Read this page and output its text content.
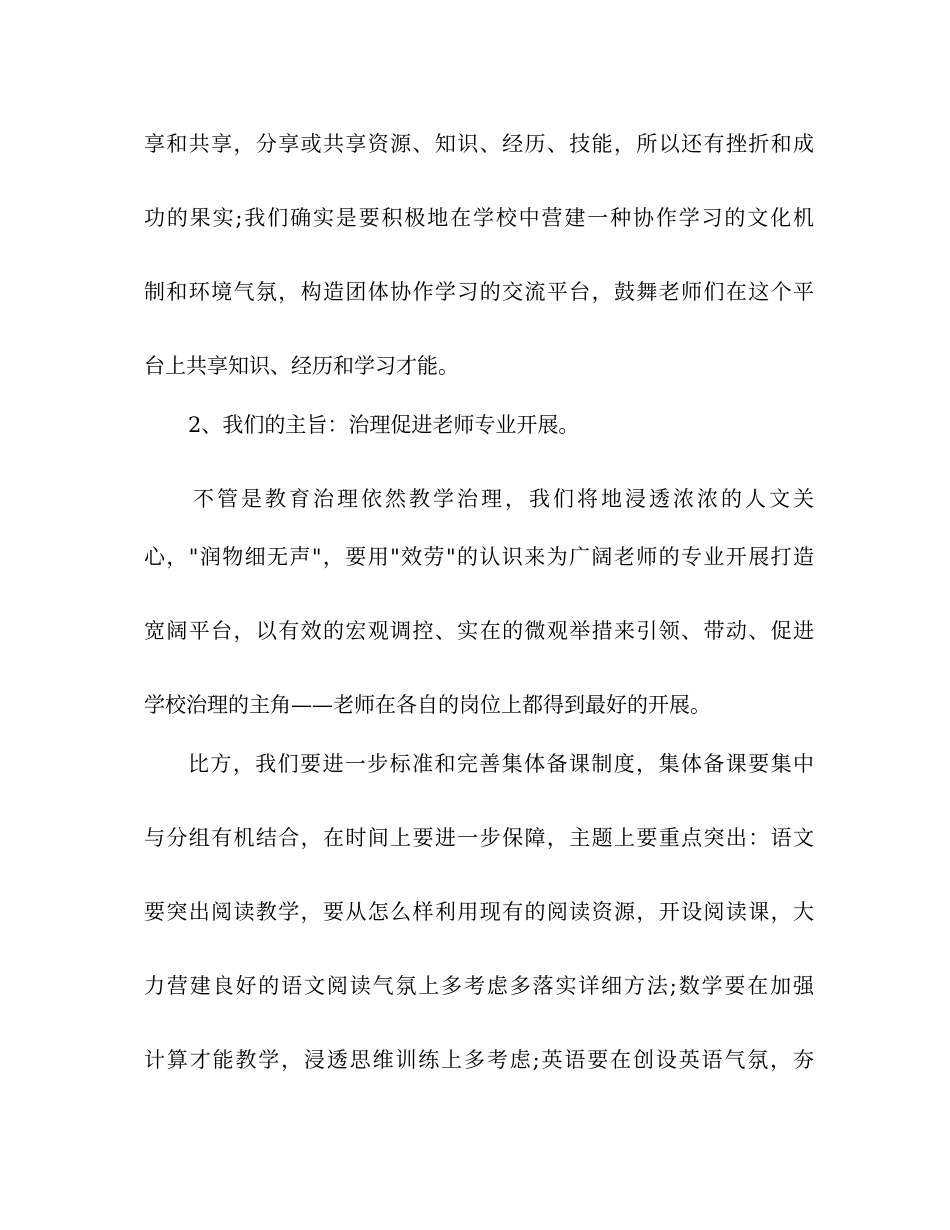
享和共享，分享或共享资源、知识、经历、技能，所以还有挫折和成
功的果实;我们确实是要积极地在学校中营建一种协作学习的文化机
制和环境气氛，构造团体协作学习的交流平台，鼓舞老师们在这个平
台上共享知识、经历和学习才能。
2、我们的主旨：治理促进老师专业开展。
不管是教育治理依然教学治理，我们将地浸透浓浓的人文关
心，"润物细无声"，要用"效劳"的认识来为广阔老师的专业开展打造
宽阔平台，以有效的宏观调控、实在的微观举措来引领、带动、促进
学校治理的主角——老师在各自的岗位上都得到最好的开展。
比方，我们要进一步标准和完善集体备课制度，集体备课要集中
与分组有机结合，在时间上要进一步保障，主题上要重点突出：语文
要突出阅读教学，要从怎么样利用现有的阅读资源，开设阅读课，大
力营建良好的语文阅读气氛上多考虑多落实详细方法;数学要在加强
计算才能教学，浸透思维训练上多考虑;英语要在创设英语气氛，夯
